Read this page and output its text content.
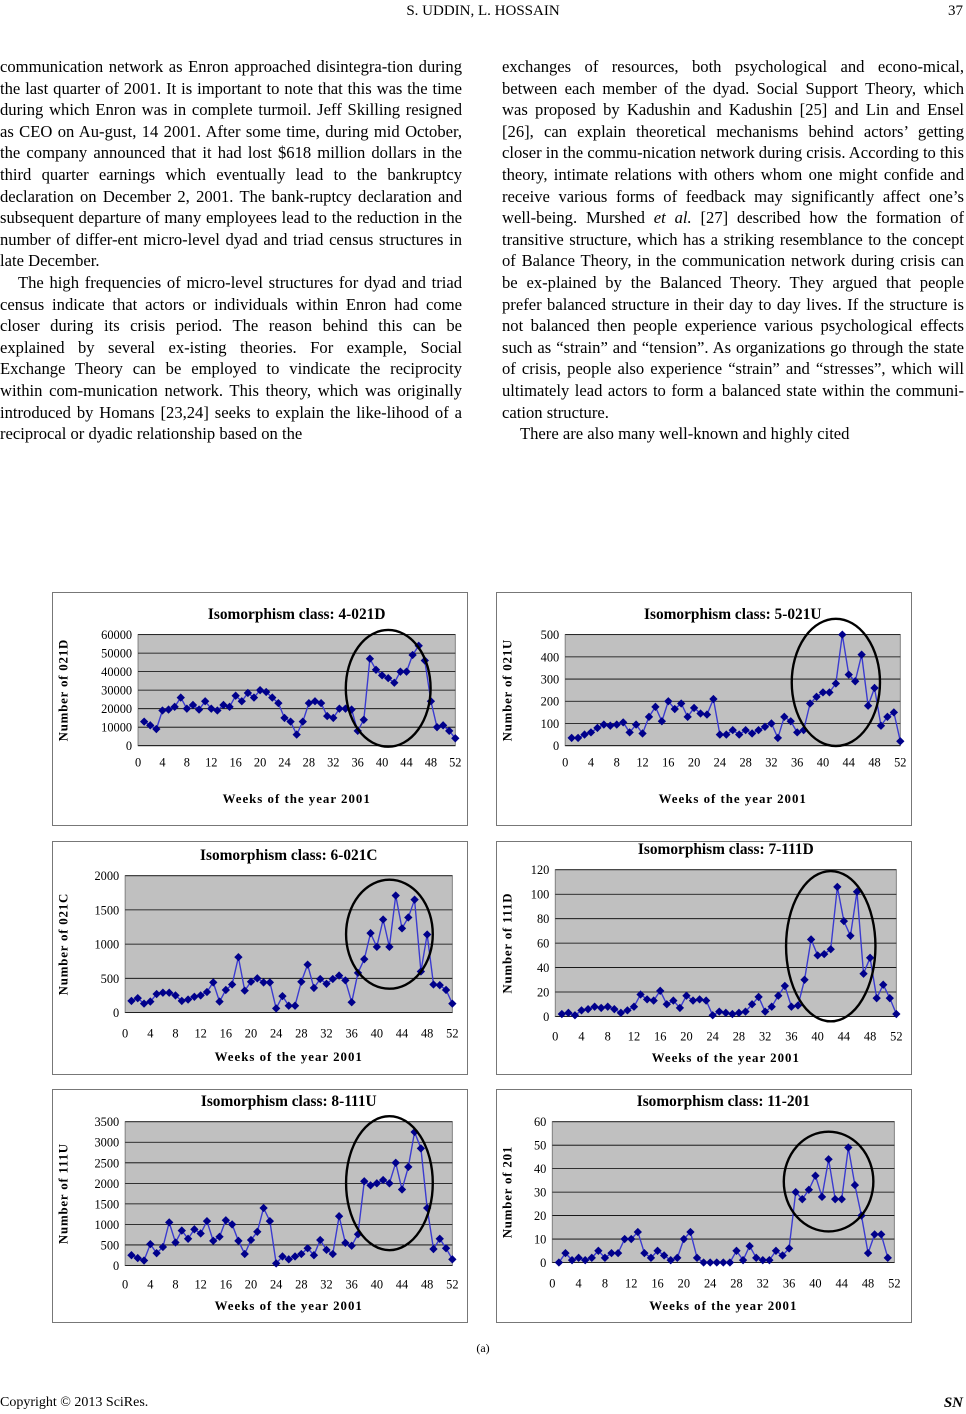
S. UDDIN, L. HOSSAIN	37

communication network as Enron approached disintegra-tion during the last quarter of 2001. It is important to note that this was the time during which Enron was in complete turmoil. Jeff Skilling resigned as CEO on Au-gust, 14 2001. After some time, during mid October, the company announced that it had lost $618 million dollars in the third quarter earnings which eventually lead to the bankruptcy declaration on December 2, 2001. The bank-ruptcy declaration and subsequent departure of many employees lead to the reduction in the number of differ-ent micro-level dyad and triad census structures in late December.

The high frequencies of micro-level structures for dyad and triad census indicate that actors or individuals within Enron had come closer during its crisis period. The reason behind this can be explained by several ex-isting theories. For example, Social Exchange Theory can be employed to vindicate the reciprocity within com-munication network. This theory, which was originally introduced by Homans [23,24] seeks to explain the like-lihood of a reciprocal or dyadic relationship based on the

exchanges of resources, both psychological and econo-mical, between each member of the dyad. Social Support Theory, which was proposed by Kadushin and Kadushin [25] and Lin and Ensel [26], can explain theoretical mechanisms behind actors’ getting closer in the commu-nication network during crisis. According to this theory, intimate relations with others whom one might confide and receive various forms of feedback may significantly affect one’s well-being. Murshed et al. [27] described how the formation of transitive structure, which has a striking resemblance to the concept of Balance Theory, in the communication network during crisis can be ex-plained by the Balanced Theory. They argued that people prefer balanced structure in their day to day lives. If the structure is not balanced then people experience various psychological effects such as “strain” and “tension”. As organizations go through the state of crisis, people also experience “strain” and “stresses”, which will ultimately lead actors to form a balanced state within the communi-cation structure.

There are also many well-known and highly cited

Isomorphism class: 4-021D
0
10000
20000
30000
40000
50000
60000
0 4 8 12 16 20 24 28 32 36 40 44 48 52
Weeks of the year 2001
Number of 021D
Isomorphism class: 5-021U
0
100
200
300
400
500
0 4 8 12 16 20 24 28 32 36 40 44 48 52
Weeks of the year 2001
Number of 021U
Isomorphism class: 6-021C
0
500
1000
1500
2000
0 4 8 12 16 20 24 28 32 36 40 44 48 52
Weeks of the year 2001
Number of 021C
Isomorphism class: 7-111D
0
20
40
60
80
100
120
0 4 8 12 16 20 24 28 32 36 40 44 48 52
Weeks of the year 2001
Number of 111D
Isomorphism class: 8-111U
0
500
1000
1500
2000
2500
3000
3500
0 4 8 12 16 20 24 28 32 36 40 44 48 52
Weeks of the year 2001
Number of 111U
Isomorphism class: 11-201
0
10
20
30
40
50
60
0 4 8 12 16 20 24 28 32 36 40 44 48 52
Weeks of the year 2001
Number of 201
(a)
Copyright © 2013 SciRes.	SN
